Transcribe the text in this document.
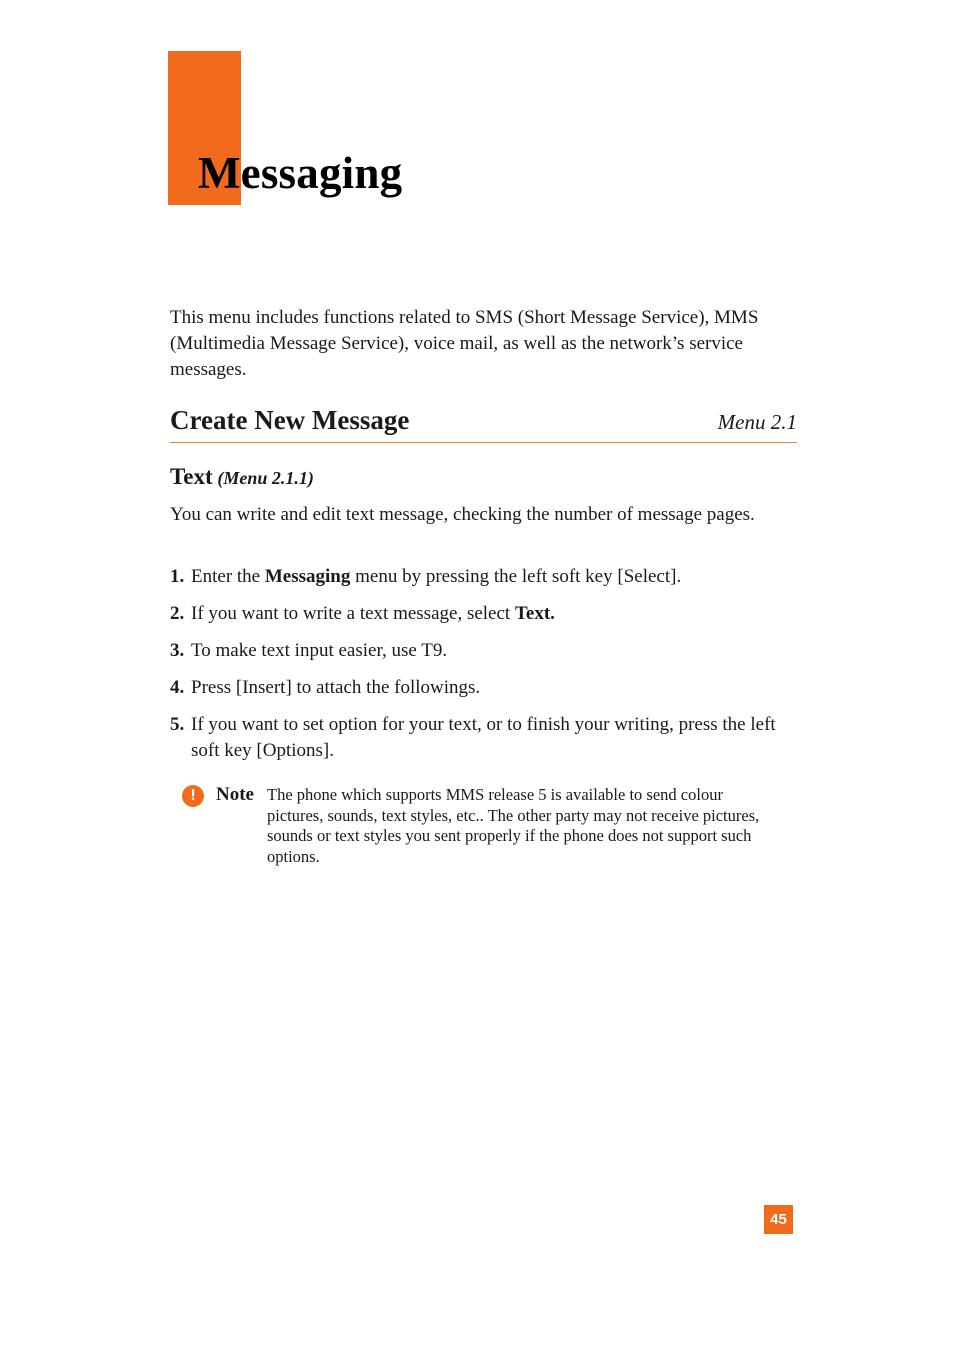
Messaging

This menu includes functions related to SMS (Short Message Service), MMS (Multimedia Message Service), voice mail, as well as the network’s service messages.

Create New Message	Menu 2.1
Text (Menu 2.1.1)

You can write and edit text message, checking the number of message pages.

1. Enter the Messaging menu by pressing the left soft key [Select].
2. If you want to write a text message, select Text.
3. To make text input easier, use T9.
4. Press [Insert] to attach the followings.
5. If you want to set option for your text, or to finish your writing, press the left soft key [Options].
!	Note The phone which supports MMS release 5 is available to send colour pictures, sounds, text styles, etc.. The other party may not receive pictures, sounds or text styles you sent properly if the phone does not support such options.

45
